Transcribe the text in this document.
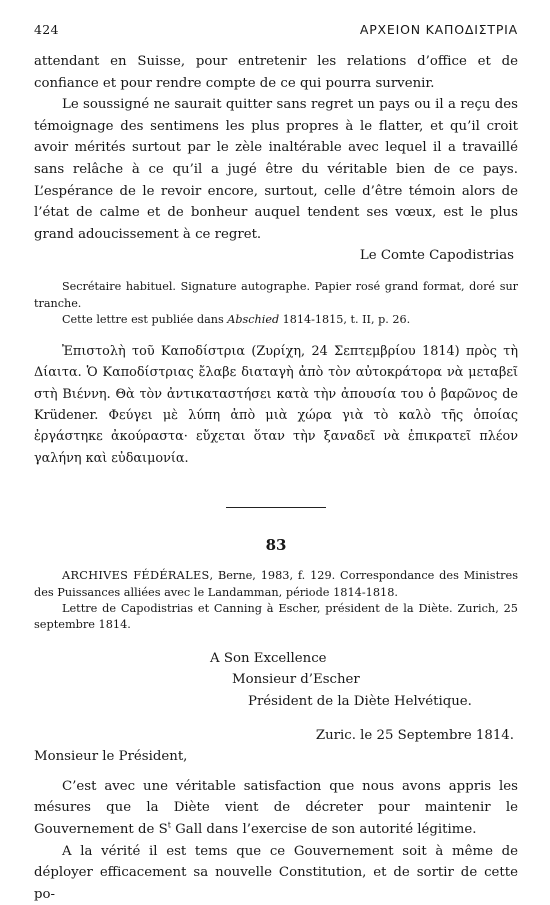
424	ΑΡΧΕΙΟΝ ΚΑΠΟΔΙΣΤΡΙΑ

attendant en Suisse, pour entretenir les relations d’office et de confiance et pour rendre compte de ce qui pourra survenir.

Le soussigné ne saurait quitter sans regret un pays ou il a reçu des témoignage des sentimens les plus propres à le flatter, et qu’il croit avoir mérités surtout par le zèle inaltérable avec lequel il a travaillé sans relâche à ce qu’il a jugé être du véritable bien de ce pays. L’espérance de le revoir encore, surtout, celle d’être témoin alors de l’état de calme et de bonheur auquel tendent ses vœux, est le plus grand adoucissement à ce regret.

Le Comte Capodistrias

Secrétaire habituel. Signature autographe. Papier rosé grand format, doré sur tranche.

Cette lettre est publiée dans Abschied 1814-1815, t. II, p. 26.

Ἐπιστολὴ τοῦ Καποδίστρια (Ζυρίχη, 24 Σεπτεμβρίου 1814) πρὸς τὴ Δίαιτα. Ὁ Καποδίστριας ἔλαβε διαταγὴ ἀπὸ τὸν αὐτοκράτορα νὰ μεταβεῖ στὴ Βιέννη. Θὰ τὸν ἀντικαταστήσει κατὰ τὴν ἀπουσία του ὁ βαρῶνος de Krüdener. Φεύγει μὲ λύπη ἀπὸ μιὰ χώρα γιὰ τὸ καλὸ τῆς ὁποίας ἐργάστηκε ἀκούραστα· εὔχεται ὅταν τὴν ξαναδεῖ νὰ ἐπικρατεῖ πλέον γαλήνη καὶ εὐδαιμονία.

83

ARCHIVES FÉDÉRALES, Berne, 1983, f. 129. Correspondance des Ministres des Puissances alliées avec le Landamman, période 1814-1818.

Lettre de Capodistrias et Canning à Escher, président de la Diète. Zurich, 25 septembre 1814.

A Son Excellence
Monsieur d’Escher
Président de la Diète Helvétique.

Zuric. le 25 Septembre 1814.

Monsieur le Président,

C’est avec une véritable satisfaction que nous avons appris les mésures que la Diète vient de décreter pour maintenir le Gouvernement de $S^t$ Gall dans l’exercise de son autorité légitime.

A la vérité il est tems que ce Gouvernement soit à même de déployer efficacement sa nouvelle Constitution, et de sortir de cette po-
